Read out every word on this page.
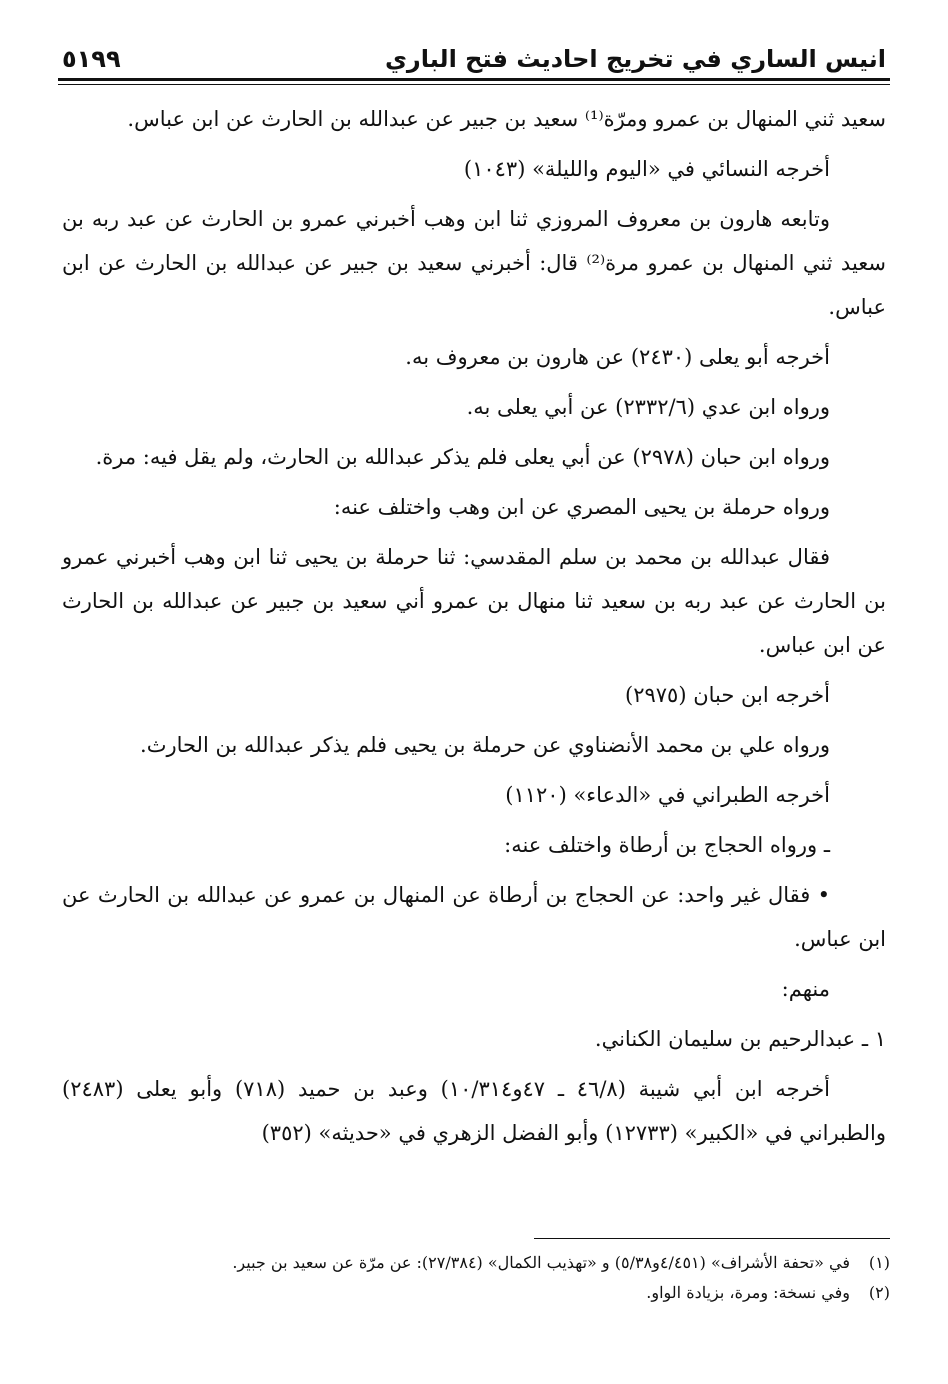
انيس الساري في تخريج احاديث فتح الباري
٥١٩٩

سعيد ثني المنهال بن عمرو ومرّة⁽¹⁾ سعيد بن جبير عن عبدالله بن الحارث عن ابن عباس.

أخرجه النسائي في «اليوم والليلة» (١٠٤٣)

وتابعه هارون بن معروف المروزي ثنا ابن وهب أخبرني عمرو بن الحارث عن عبد ربه بن سعيد ثني المنهال بن عمرو مرة⁽²⁾ قال: أخبرني سعيد بن جبير عن عبدالله بن الحارث عن ابن عباس.

أخرجه أبو يعلى (٢٤٣٠) عن هارون بن معروف به.

ورواه ابن عدي (٢٣٣٢/٦) عن أبي يعلى به.

ورواه ابن حبان (٢٩٧٨) عن أبي يعلى فلم يذكر عبدالله بن الحارث، ولم يقل فيه: مرة.

ورواه حرملة بن يحيى المصري عن ابن وهب واختلف عنه:

فقال عبدالله بن محمد بن سلم المقدسي: ثنا حرملة بن يحيى ثنا ابن وهب أخبرني عمرو بن الحارث عن عبد ربه بن سعيد ثنا منهال بن عمرو أني سعيد بن جبير عن عبدالله بن الحارث عن ابن عباس.

أخرجه ابن حبان (٢٩٧٥)

ورواه علي بن محمد الأنضناوي عن حرملة بن يحيى فلم يذكر عبدالله بن الحارث.

أخرجه الطبراني في «الدعاء» (١١٢٠)

ـ ورواه الحجاج بن أرطاة واختلف عنه:

• فقال غير واحد: عن الحجاج بن أرطاة عن المنهال بن عمرو عن عبدالله بن الحارث عن ابن عباس.

منهم:

١ ـ عبدالرحيم بن سليمان الكناني.

أخرجه ابن أبي شيبة (٤٦/٨ ـ ٤٧و١٠/٣١٤) وعبد بن حميد (٧١٨) وأبو يعلى (٢٤٨٣) والطبراني في «الكبير» (١٢٧٣٣) وأبو الفضل الزهري في «حديثه» (٣٥٢)

(١)في «تحفة الأشراف» (٤/٤٥١و٥/٣٨) و «تهذيب الكمال» (٢٧/٣٨٤): عن مرّة عن سعيد بن جبير.

(٢)وفي نسخة: ومرة، بزيادة الواو.
